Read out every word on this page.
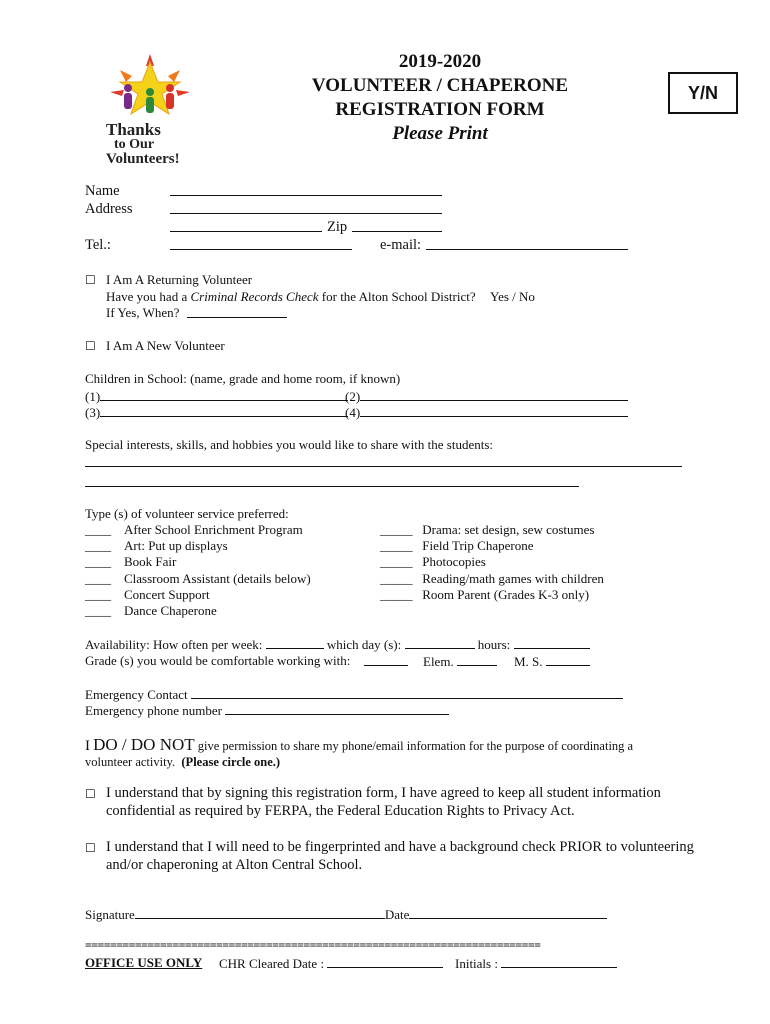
Thanks
to Our
Volunteers!
2019-2020
VOLUNTEER / CHAPERONE
REGISTRATION FORM
Please Print
Y/N
Name
Address
Zip
Tel.:	e-mail:
☐ I Am A Returning Volunteer
Have you had a Criminal Records Check for the Alton School District? Yes / No
If Yes, When?
☐ I Am A New Volunteer
Children in School: (name, grade and home room, if known)
(1)	(2)
(3)	(4)
Special interests, skills, and hobbies you would like to share with the students:
Type (s) of volunteer service preferred:
____ After School Enrichment Program
____ Art: Put up displays
____ Book Fair
____ Classroom Assistant (details below)
____ Concert Support
____ Dance Chaperone
_____ Drama: set design, sew costumes
_____ Field Trip Chaperone
_____ Photocopies
_____ Reading/math games with children
_____ Room Parent (Grades K-3 only)
Availability: How often per week:	which day (s):	hours:
Grade (s) you would be comfortable working with:	Elem.	M. S.
Emergency Contact
Emergency phone number
I DO / DO NOT give permission to share my phone/email information for the purpose of coordinating a
volunteer activity. (Please circle one.)
☐ I understand that by signing this registration form, I have agreed to keep all student information
confidential as required by FERPA, the Federal Education Rights to Privacy Act.
☐ I understand that I will need to be fingerprinted and have a background check PRIOR to volunteering
and/or chaperoning at Alton Central School.
Signature	Date
=========================================================================
OFFICE USE ONLY CHR Cleared Date :	Initials :
